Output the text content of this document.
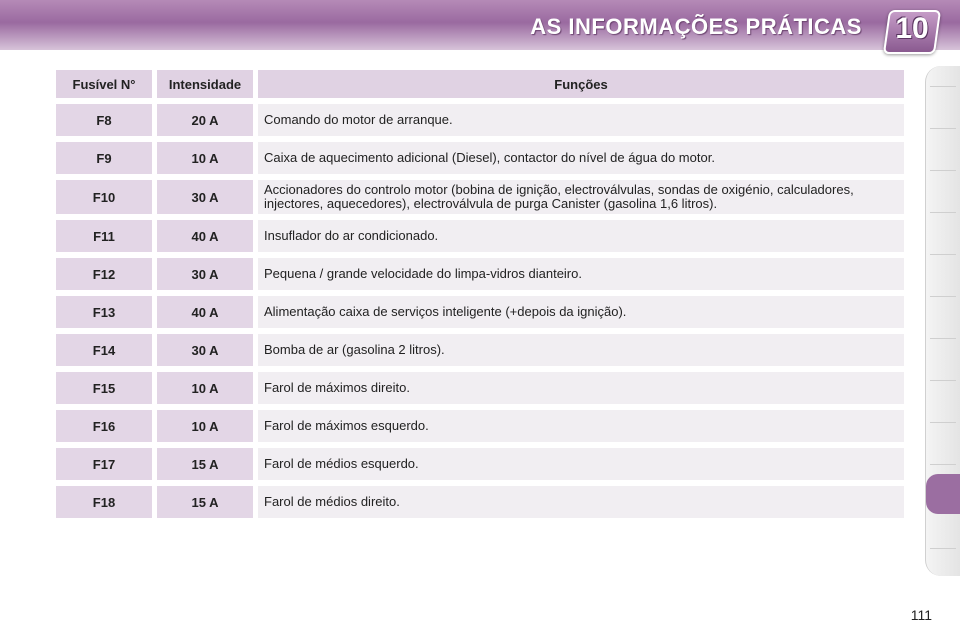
AS INFORMAÇÕES PRÁTICAS 10
Fusível N°	Intensidade	Funções
F8	20 A	Comando do motor de arranque.
F9	10 A	Caixa de aquecimento adicional (Diesel), contactor do nível de água do motor.
F10	30 A	Accionadores do controlo motor (bobina de ignição, electroválvulas, sondas de oxigénio, calculadores, injectores, aquecedores), electroválvula de purga Canister (gasolina 1,6 litros).
F11	40 A	Insuflador do ar condicionado.
F12	30 A	Pequena / grande velocidade do limpa-vidros dianteiro.
F13	40 A	Alimentação caixa de serviços inteligente (+depois da ignição).
F14	30 A	Bomba de ar (gasolina 2 litros).
F15	10 A	Farol de máximos direito.
F16	10 A	Farol de máximos esquerdo.
F17	15 A	Farol de médios esquerdo.
F18	15 A	Farol de médios direito.
111
